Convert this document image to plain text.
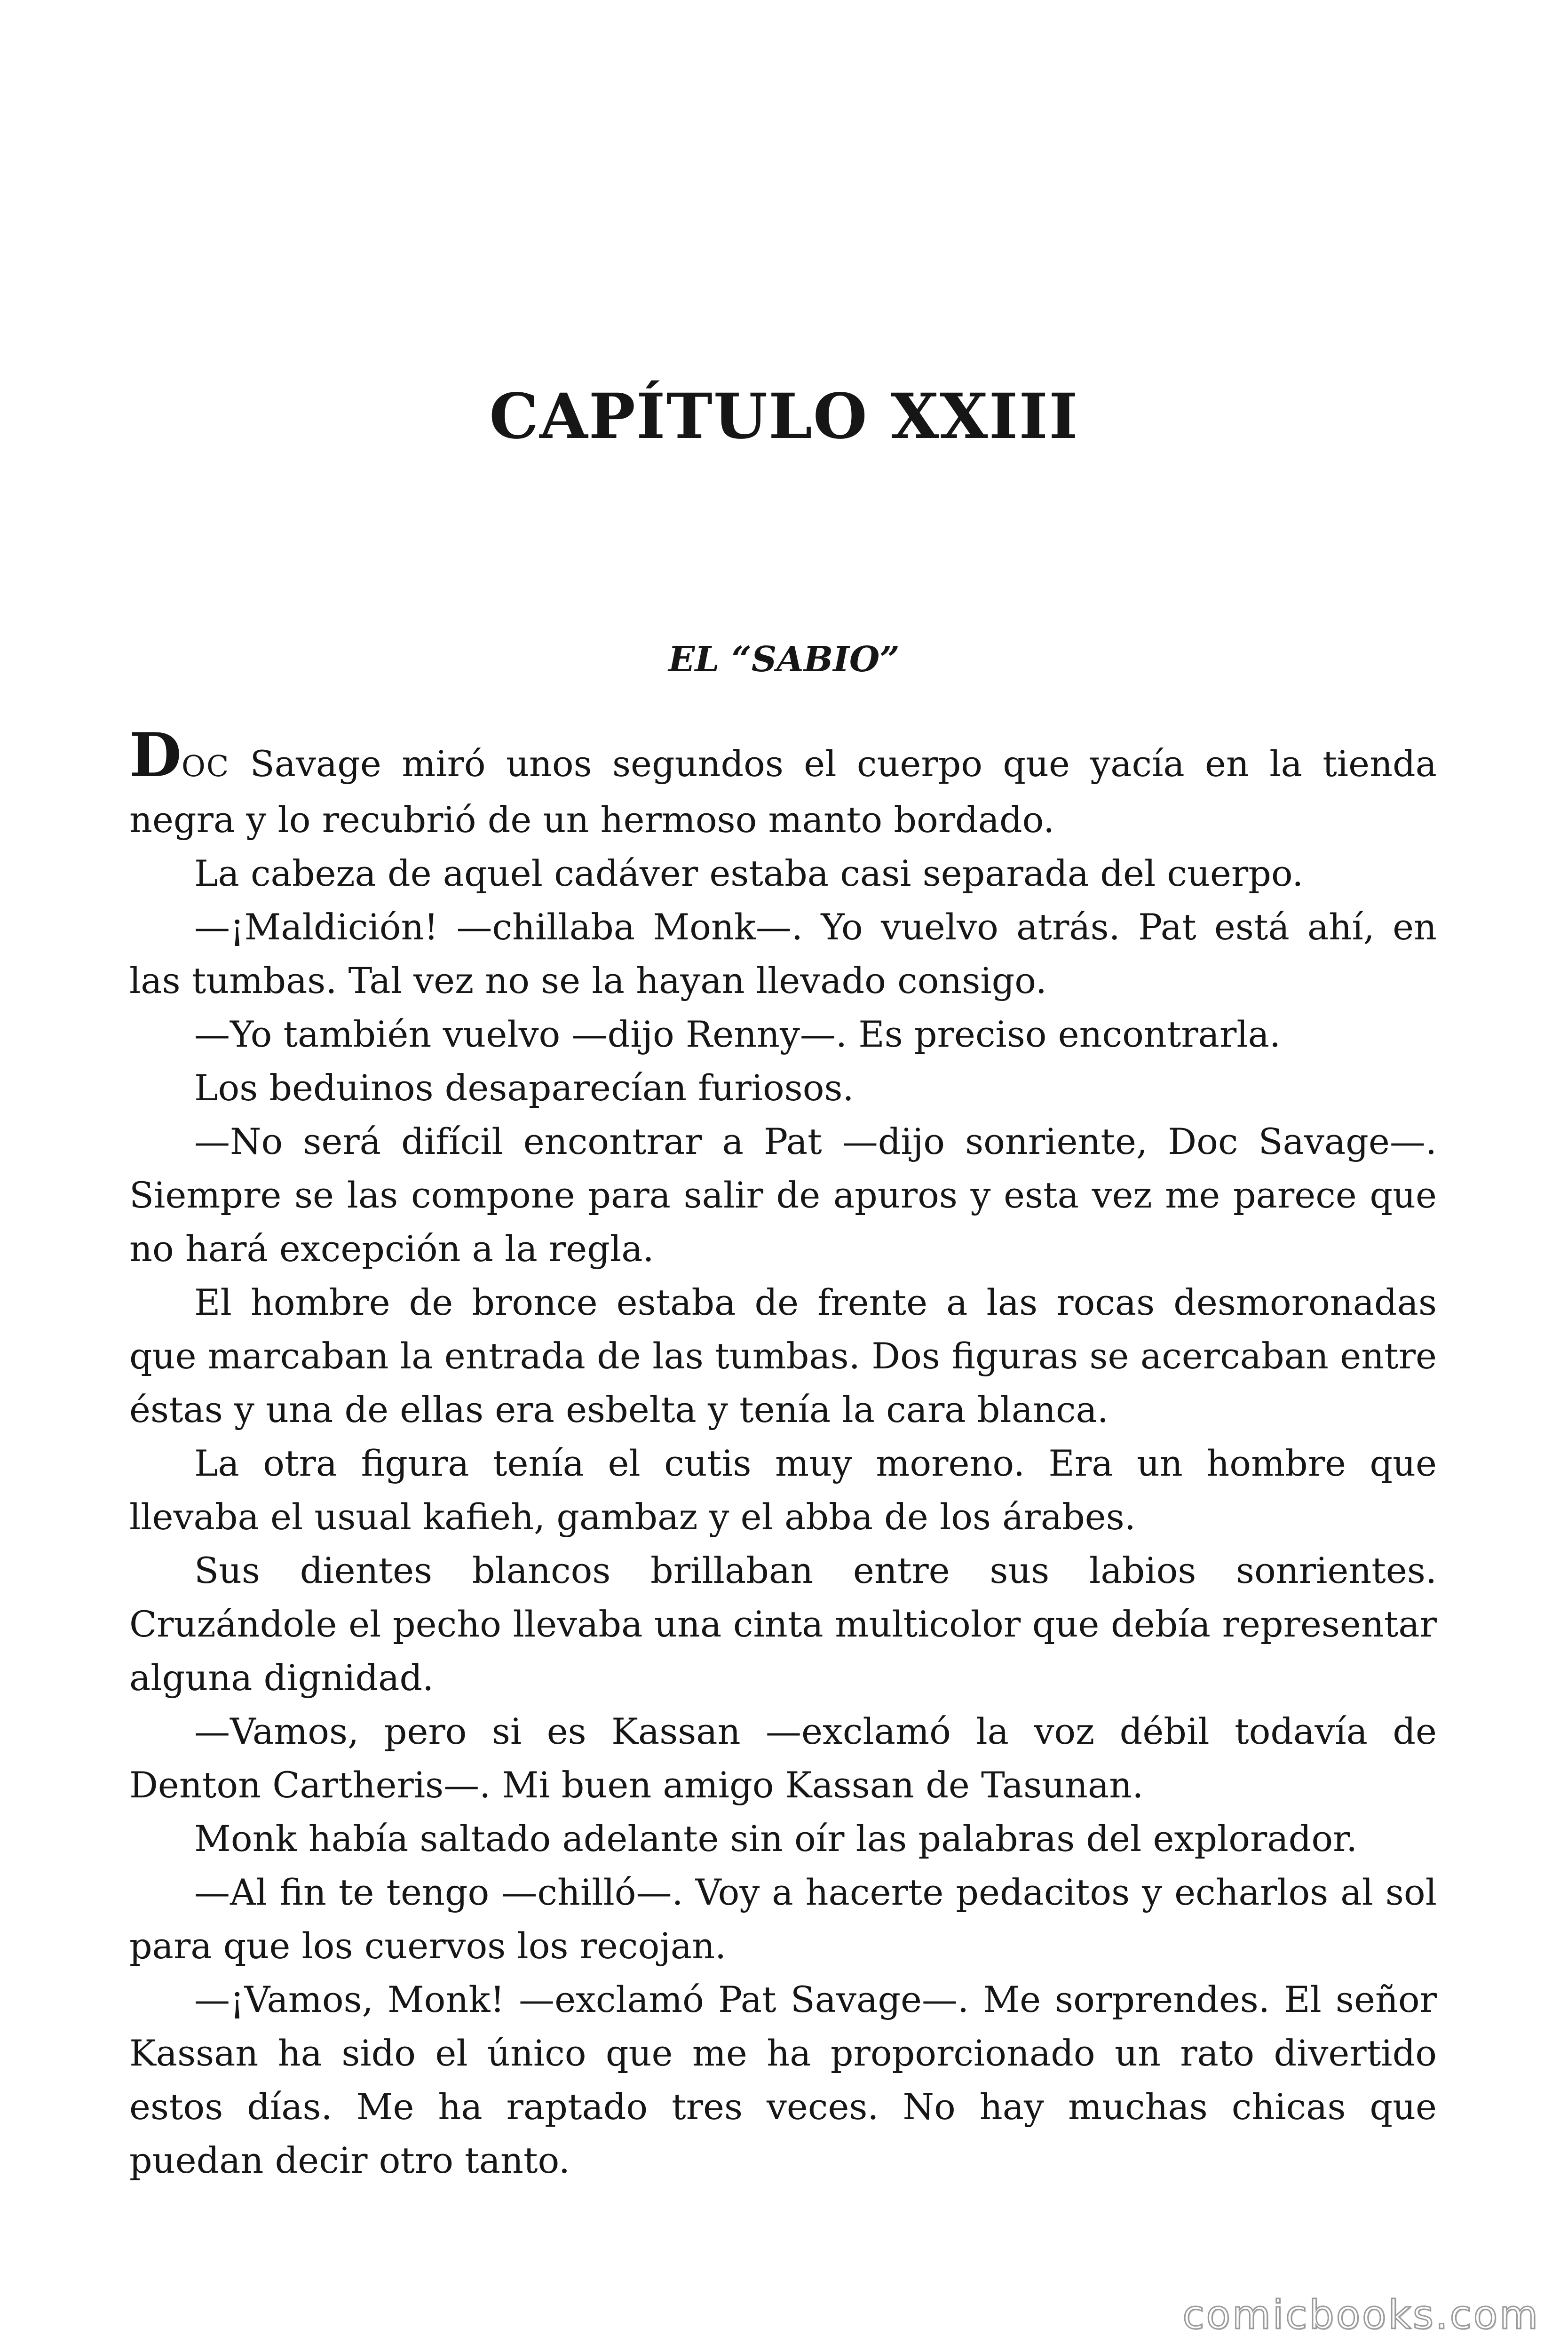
CAPÍTULO XXIII
EL “SABIO”

DOC Savage miró unos segundos el cuerpo que yacía en la tienda negra y lo recubrió de un hermoso manto bordado.

La cabeza de aquel cadáver estaba casi separada del cuerpo.

—¡Maldición! —chillaba Monk—. Yo vuelvo atrás. Pat está ahí, en las tumbas. Tal vez no se la hayan llevado consigo.

—Yo también vuelvo —dijo Renny—. Es preciso encontrarla.

Los beduinos desaparecían furiosos.

—No será difícil encontrar a Pat —dijo sonriente, Doc Savage—. Siempre se las compone para salir de apuros y esta vez me parece que no hará excepción a la regla.

El hombre de bronce estaba de frente a las rocas desmoronadas que marcaban la entrada de las tumbas. Dos figuras se acercaban entre éstas y una de ellas era esbelta y tenía la cara blanca.

La otra figura tenía el cutis muy moreno. Era un hombre que llevaba el usual kafieh, gambaz y el abba de los árabes.

Sus dientes blancos brillaban entre sus labios sonrientes. Cruzándole el pecho llevaba una cinta multicolor que debía representar alguna dignidad.

—Vamos, pero si es Kassan —exclamó la voz débil todavía de Denton Cartheris—. Mi buen amigo Kassan de Tasunan.

Monk había saltado adelante sin oír las palabras del explorador.

—Al fin te tengo —chilló—. Voy a hacerte pedacitos y echarlos al sol para que los cuervos los recojan.

—¡Vamos, Monk! —exclamó Pat Savage—. Me sorprendes. El señor Kassan ha sido el único que me ha proporcionado un rato divertido estos días. Me ha raptado tres veces. No hay muchas chicas que puedan decir otro tanto.

comicbooks.com
